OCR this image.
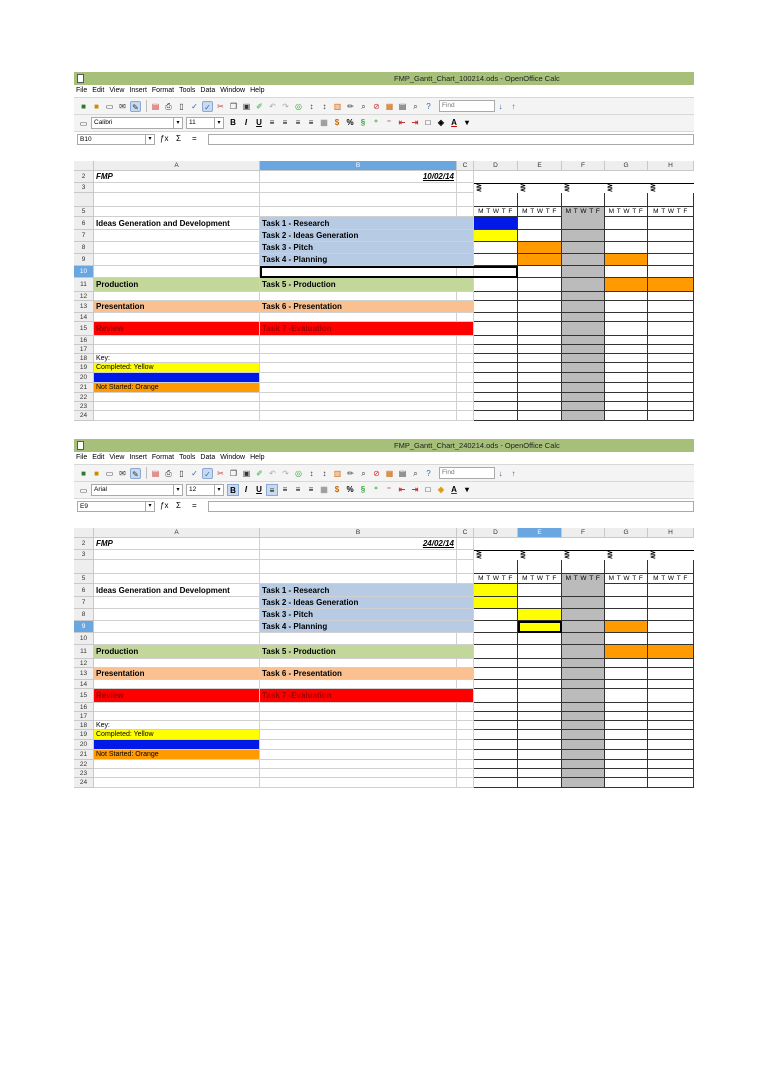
FMP_Gantt_Chart_100214.ods - OpenOffice Calc
File Edit View Insert Format Tools Data Window Help
■	■ ▭ ✉ ✎ ▤ ⎙ ▯ ✓ ✓ ✂ ❐ ▣ ✐ ↶ ↷ ◎ ↕	↕ ▥ ✏ ⌕ ⊘ ▦ ▤ ⌕	?	Find	↓	↑
▭	Calibri	▾	11	▾	B	I	U ≡	≡	≡	≡ ▦ $ % §	⁺	⁻ ⇤ ⇥ □ ◈ A	▾
B10	▾	ƒx Σ =
A	B	C	D	E	F	G	H
2
3
5
6
7
8
9
10
11
12
13
14
15
16
17
18
19
20
21
22
23
24
FMP	10/02/14
Ideas Generation and Development	Task 1 - Research
Task 2 - Ideas Generation
Task 3 - Pitch
Task 4 - Planning
Production	Task 5 - Production
Presentation	Task 6 - Presentation
Review	Task 7 -Evaluation
Key:
Completed: Yellow
Not Started: Orange
⋛
M T W T F
⋛
M T W T F
⋛
M T W T F
⋛
M T W T F
⋛
M T W T F
FMP_Gantt_Chart_240214.ods - OpenOffice Calc
File Edit View Insert Format Tools Data Window Help
■	■ ▭ ✉ ✎ ▤ ⎙ ▯ ✓ ✓ ✂ ❐ ▣ ✐ ↶ ↷ ◎ ↕	↕ ▥ ✏ ⌕ ⊘ ▦ ▤ ⌕	?	Find	↓	↑
▭	Arial	▾	12	▾	B	I	U ≡	≡	≡	≡ ▦ $ % §	⁺	⁻ ⇤ ⇥ □ ◈ A	▾
E9	▾	ƒx Σ =
A	B	C	D	E	F	G	H
2
3
5
6
7
8
9
10
11
12
13
14
15
16
17
18
19
20
21
22
23
24
FMP	24/02/14
Ideas Generation and Development	Task 1 - Research
Task 2 - Ideas Generation
Task 3 - Pitch
Task 4 - Planning
Production	Task 5 - Production
Presentation	Task 6 - Presentation
Review	Task 7 -Evaluation
Key:
Completed: Yellow
Not Started: Orange
⋛
M T W T F
⋛
M T W T F
⋛
M T W T F
⋛
M T W T F
⋛
M T W T F
